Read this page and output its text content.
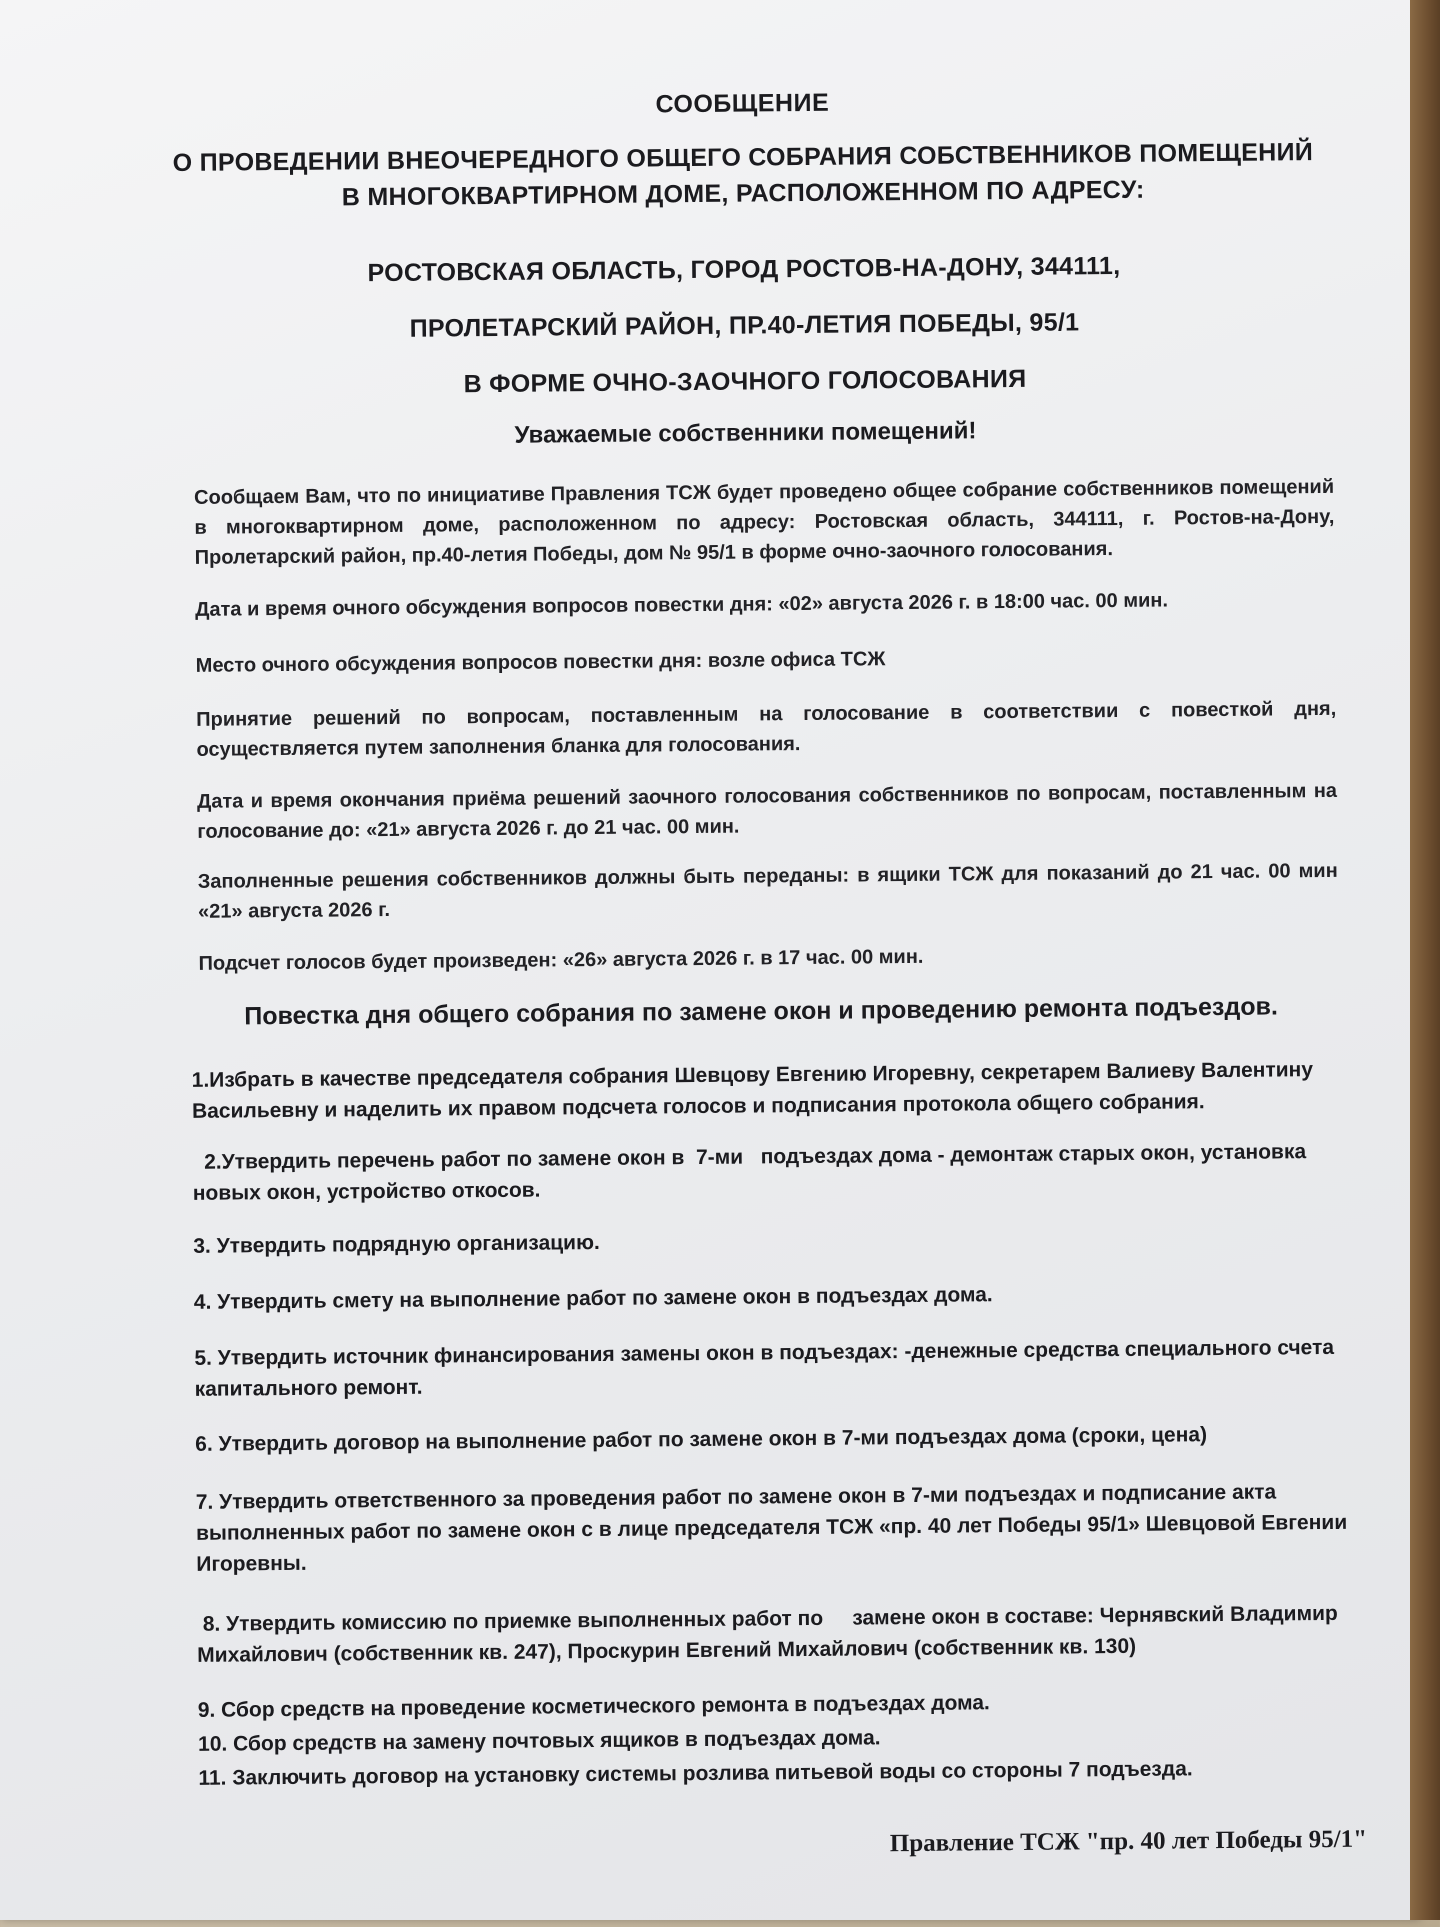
СООБЩЕНИЕ
О ПРОВЕДЕНИИ ВНЕОЧЕРЕДНОГО ОБЩЕГО СОБРАНИЯ СОБСТВЕННИКОВ ПОМЕЩЕНИЙ В МНОГОКВАРТИРНОМ ДОМЕ, РАСПОЛОЖЕННОМ ПО АДРЕСУ:
РОСТОВСКАЯ ОБЛАСТЬ, ГОРОД РОСТОВ-НА-ДОНУ, 344111,
ПРОЛЕТАРСКИЙ РАЙОН, ПР.40-ЛЕТИЯ ПОБЕДЫ, 95/1
В ФОРМЕ ОЧНО-ЗАОЧНОГО ГОЛОСОВАНИЯ
Уважаемые собственники помещений!
Сообщаем Вам, что по инициативе Правления ТСЖ будет проведено общее собрание собственников помещений в многоквартирном доме, расположенном по адресу: Ростовская область, 344111, г. Ростов-на-Дону, Пролетарский район, пр.40-летия Победы, дом № 95/1 в форме очно-заочного голосования.
Дата и время очного обсуждения вопросов повестки дня: «02» августа 2026 г. в 18:00 час. 00 мин.
Место очного обсуждения вопросов повестки дня: возле офиса ТСЖ
Принятие решений по вопросам, поставленным на голосование в соответствии с повесткой дня, осуществляется путем заполнения бланка для голосования.
Дата и время окончания приёма решений заочного голосования собственников по вопросам, поставленным на голосование до: «21» августа 2026 г. до 21 час. 00 мин.
Заполненные решения собственников должны быть переданы: в ящики ТСЖ для показаний до 21 час. 00 мин «21» августа 2026 г.
Подсчет голосов будет произведен: «26» августа 2026 г. в 17 час. 00 мин.
Повестка дня общего собрания по замене окон и проведению ремонта подъездов.
1.Избрать в качестве председателя собрания Шевцову Евгению Игоревну, секретарем Валиеву Валентину Васильевну и наделить их правом подсчета голосов и подписания протокола общего собрания.
2.Утвердить перечень работ по замене окон в  7-ми   подъездах дома - демонтаж старых окон, установка новых окон, устройство откосов.
3. Утвердить подрядную организацию.
4. Утвердить смету на выполнение работ по замене окон в подъездах дома.
5. Утвердить источник финансирования замены окон в подъездах: -денежные средства специального счета капитального ремонт.
6. Утвердить договор на выполнение работ по замене окон в 7-ми подъездах дома (сроки, цена)
7. Утвердить ответственного за проведения работ по замене окон в 7-ми подъездах и подписание акта выполненных работ по замене окон с в лице председателя ТСЖ «пр. 40 лет Победы 95/1» Шевцовой Евгении Игоревны.
8. Утвердить комиссию по приемке выполненных работ по     замене окон в составе: Чернявский Владимир Михайлович (собственник кв. 247), Проскурин Евгений Михайлович (собственник кв. 130)
9. Сбор средств на проведение косметического ремонта в подъездах дома.
10. Сбор средств на замену почтовых ящиков в подъездах дома.
11. Заключить договор на установку системы розлива питьевой воды со стороны 7 подъезда.
Правление ТСЖ "пр. 40 лет Победы 95/1"
